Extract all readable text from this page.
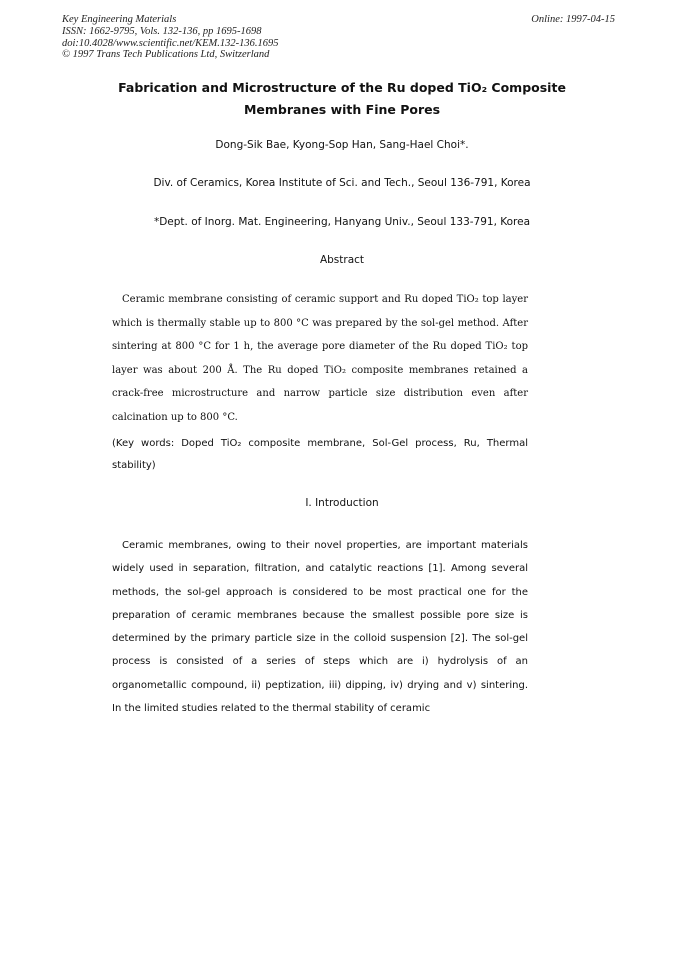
Key Engineering Materials
ISSN: 1662-9795, Vols. 132-136, pp 1695-1698
doi:10.4028/www.scientific.net/KEM.132-136.1695
© 1997 Trans Tech Publications Ltd, Switzerland
Online: 1997-04-15
Fabrication and Microstructure of the Ru doped TiO₂ Composite
Membranes with Fine Pores
Dong-Sik Bae, Kyong-Sop Han, Sang-Hael Choi*.
Div. of Ceramics, Korea Institute of Sci. and Tech., Seoul 136-791, Korea
*Dept. of Inorg. Mat. Engineering, Hanyang Univ., Seoul 133-791, Korea
Abstract

Ceramic membrane consisting of ceramic support and Ru doped TiO₂ top layer which is thermally stable up to 800 °C was prepared by the sol-gel method. After sintering at 800 °C for 1 h, the average pore diameter of the Ru doped TiO₂ top layer was about 200 Å. The Ru doped TiO₂ composite membranes retained a crack-free microstructure and narrow particle size distribution even after calcination up to 800 °C.

(Key words: Doped TiO₂ composite membrane, Sol-Gel process, Ru, Thermal stability)

I. Introduction

Ceramic membranes, owing to their novel properties, are important materials widely used in separation, filtration, and catalytic reactions [1]. Among several methods, the sol-gel approach is considered to be most practical one for the preparation of ceramic membranes because the smallest possible pore size is determined by the primary particle size in the colloid suspension [2]. The sol-gel process is consisted of a series of steps which are i) hydrolysis of an organometallic compound, ii) peptization, iii) dipping, iv) drying and v) sintering. In the limited studies related to the thermal stability of ceramic
